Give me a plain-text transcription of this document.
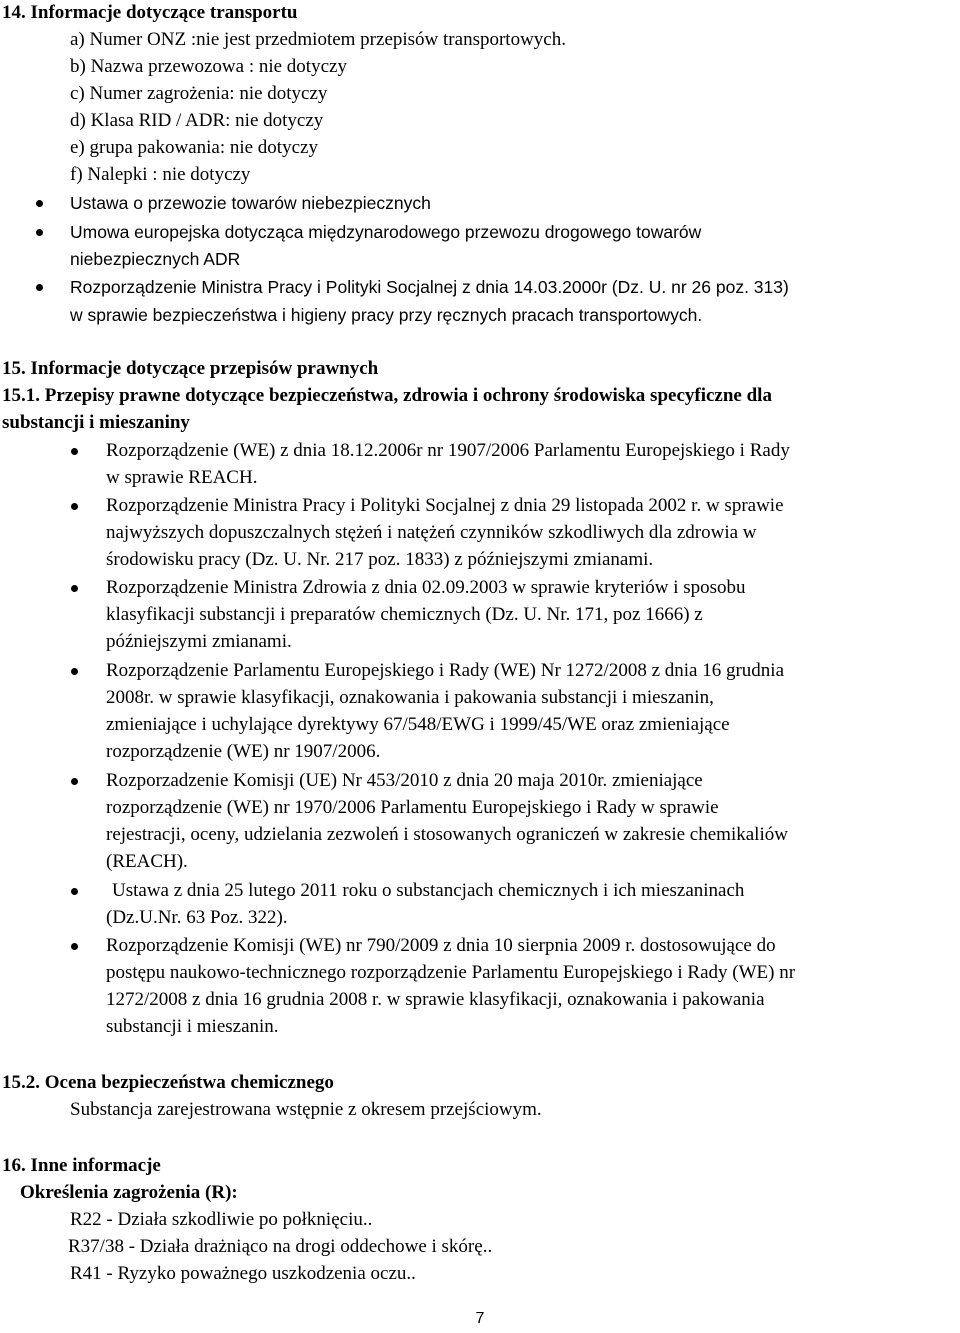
14. Informacje dotyczące transportu
a) Numer ONZ :nie jest przedmiotem przepisów transportowych.
b) Nazwa przewozowa : nie dotyczy
c) Numer zagrożenia: nie dotyczy
d) Klasa RID / ADR: nie dotyczy
e) grupa pakowania: nie dotyczy
f) Nalepki : nie dotyczy
Ustawa o przewozie towarów niebezpiecznych
Umowa europejska dotycząca międzynarodowego przewozu drogowego towarów
niebezpiecznych ADR
Rozporządzenie Ministra Pracy i Polityki Socjalnej z dnia 14.03.2000r (Dz. U. nr 26 poz. 313)
w sprawie bezpieczeństwa i higieny pracy przy ręcznych pracach transportowych.
15. Informacje dotyczące przepisów prawnych
15.1. Przepisy prawne dotyczące bezpieczeństwa, zdrowia i ochrony środowiska specyficzne dla
substancji i mieszaniny
Rozporządzenie (WE) z dnia 18.12.2006r nr 1907/2006 Parlamentu Europejskiego i Rady
w sprawie REACH.
Rozporządzenie Ministra Pracy i Polityki Socjalnej z dnia 29 listopada 2002 r. w sprawie
najwyższych dopuszczalnych stężeń i natężeń czynników szkodliwych dla zdrowia w
środowisku pracy (Dz. U. Nr. 217 poz. 1833) z późniejszymi zmianami.
Rozporządzenie Ministra Zdrowia z dnia 02.09.2003 w sprawie kryteriów i sposobu
klasyfikacji substancji i preparatów chemicznych (Dz. U. Nr. 171, poz 1666) z
późniejszymi zmianami.
Rozporządzenie Parlamentu Europejskiego i Rady (WE) Nr 1272/2008 z dnia 16 grudnia
2008r. w sprawie klasyfikacji, oznakowania i pakowania substancji i mieszanin,
zmieniające i uchylające dyrektywy 67/548/EWG i 1999/45/WE oraz zmieniające
rozporządzenie (WE) nr 1907/2006.
Rozporzadzenie Komisji (UE) Nr 453/2010 z dnia 20 maja 2010r. zmieniające
rozporządzenie (WE) nr 1970/2006 Parlamentu Europejskiego i Rady w sprawie
rejestracji, oceny, udzielania zezwoleń i stosowanych ograniczeń w zakresie chemikaliów
(REACH).
Ustawa z dnia 25 lutego 2011 roku o substancjach chemicznych i ich mieszaninach
(Dz.U.Nr. 63 Poz. 322).
Rozporządzenie Komisji (WE) nr 790/2009 z dnia 10 sierpnia 2009 r. dostosowujące do
postępu naukowo-technicznego rozporządzenie Parlamentu Europejskiego i Rady (WE) nr
1272/2008 z dnia 16 grudnia 2008 r. w sprawie klasyfikacji, oznakowania i pakowania
substancji i mieszanin.
15.2. Ocena bezpieczeństwa chemicznego
Substancja zarejestrowana wstępnie z okresem przejściowym.
16. Inne informacje
Określenia zagrożenia (R):
R22 - Działa szkodliwie po połknięciu..
R37/38 - Działa drażniąco na drogi oddechowe i skórę..
R41 - Ryzyko poważnego uszkodzenia oczu..
7
